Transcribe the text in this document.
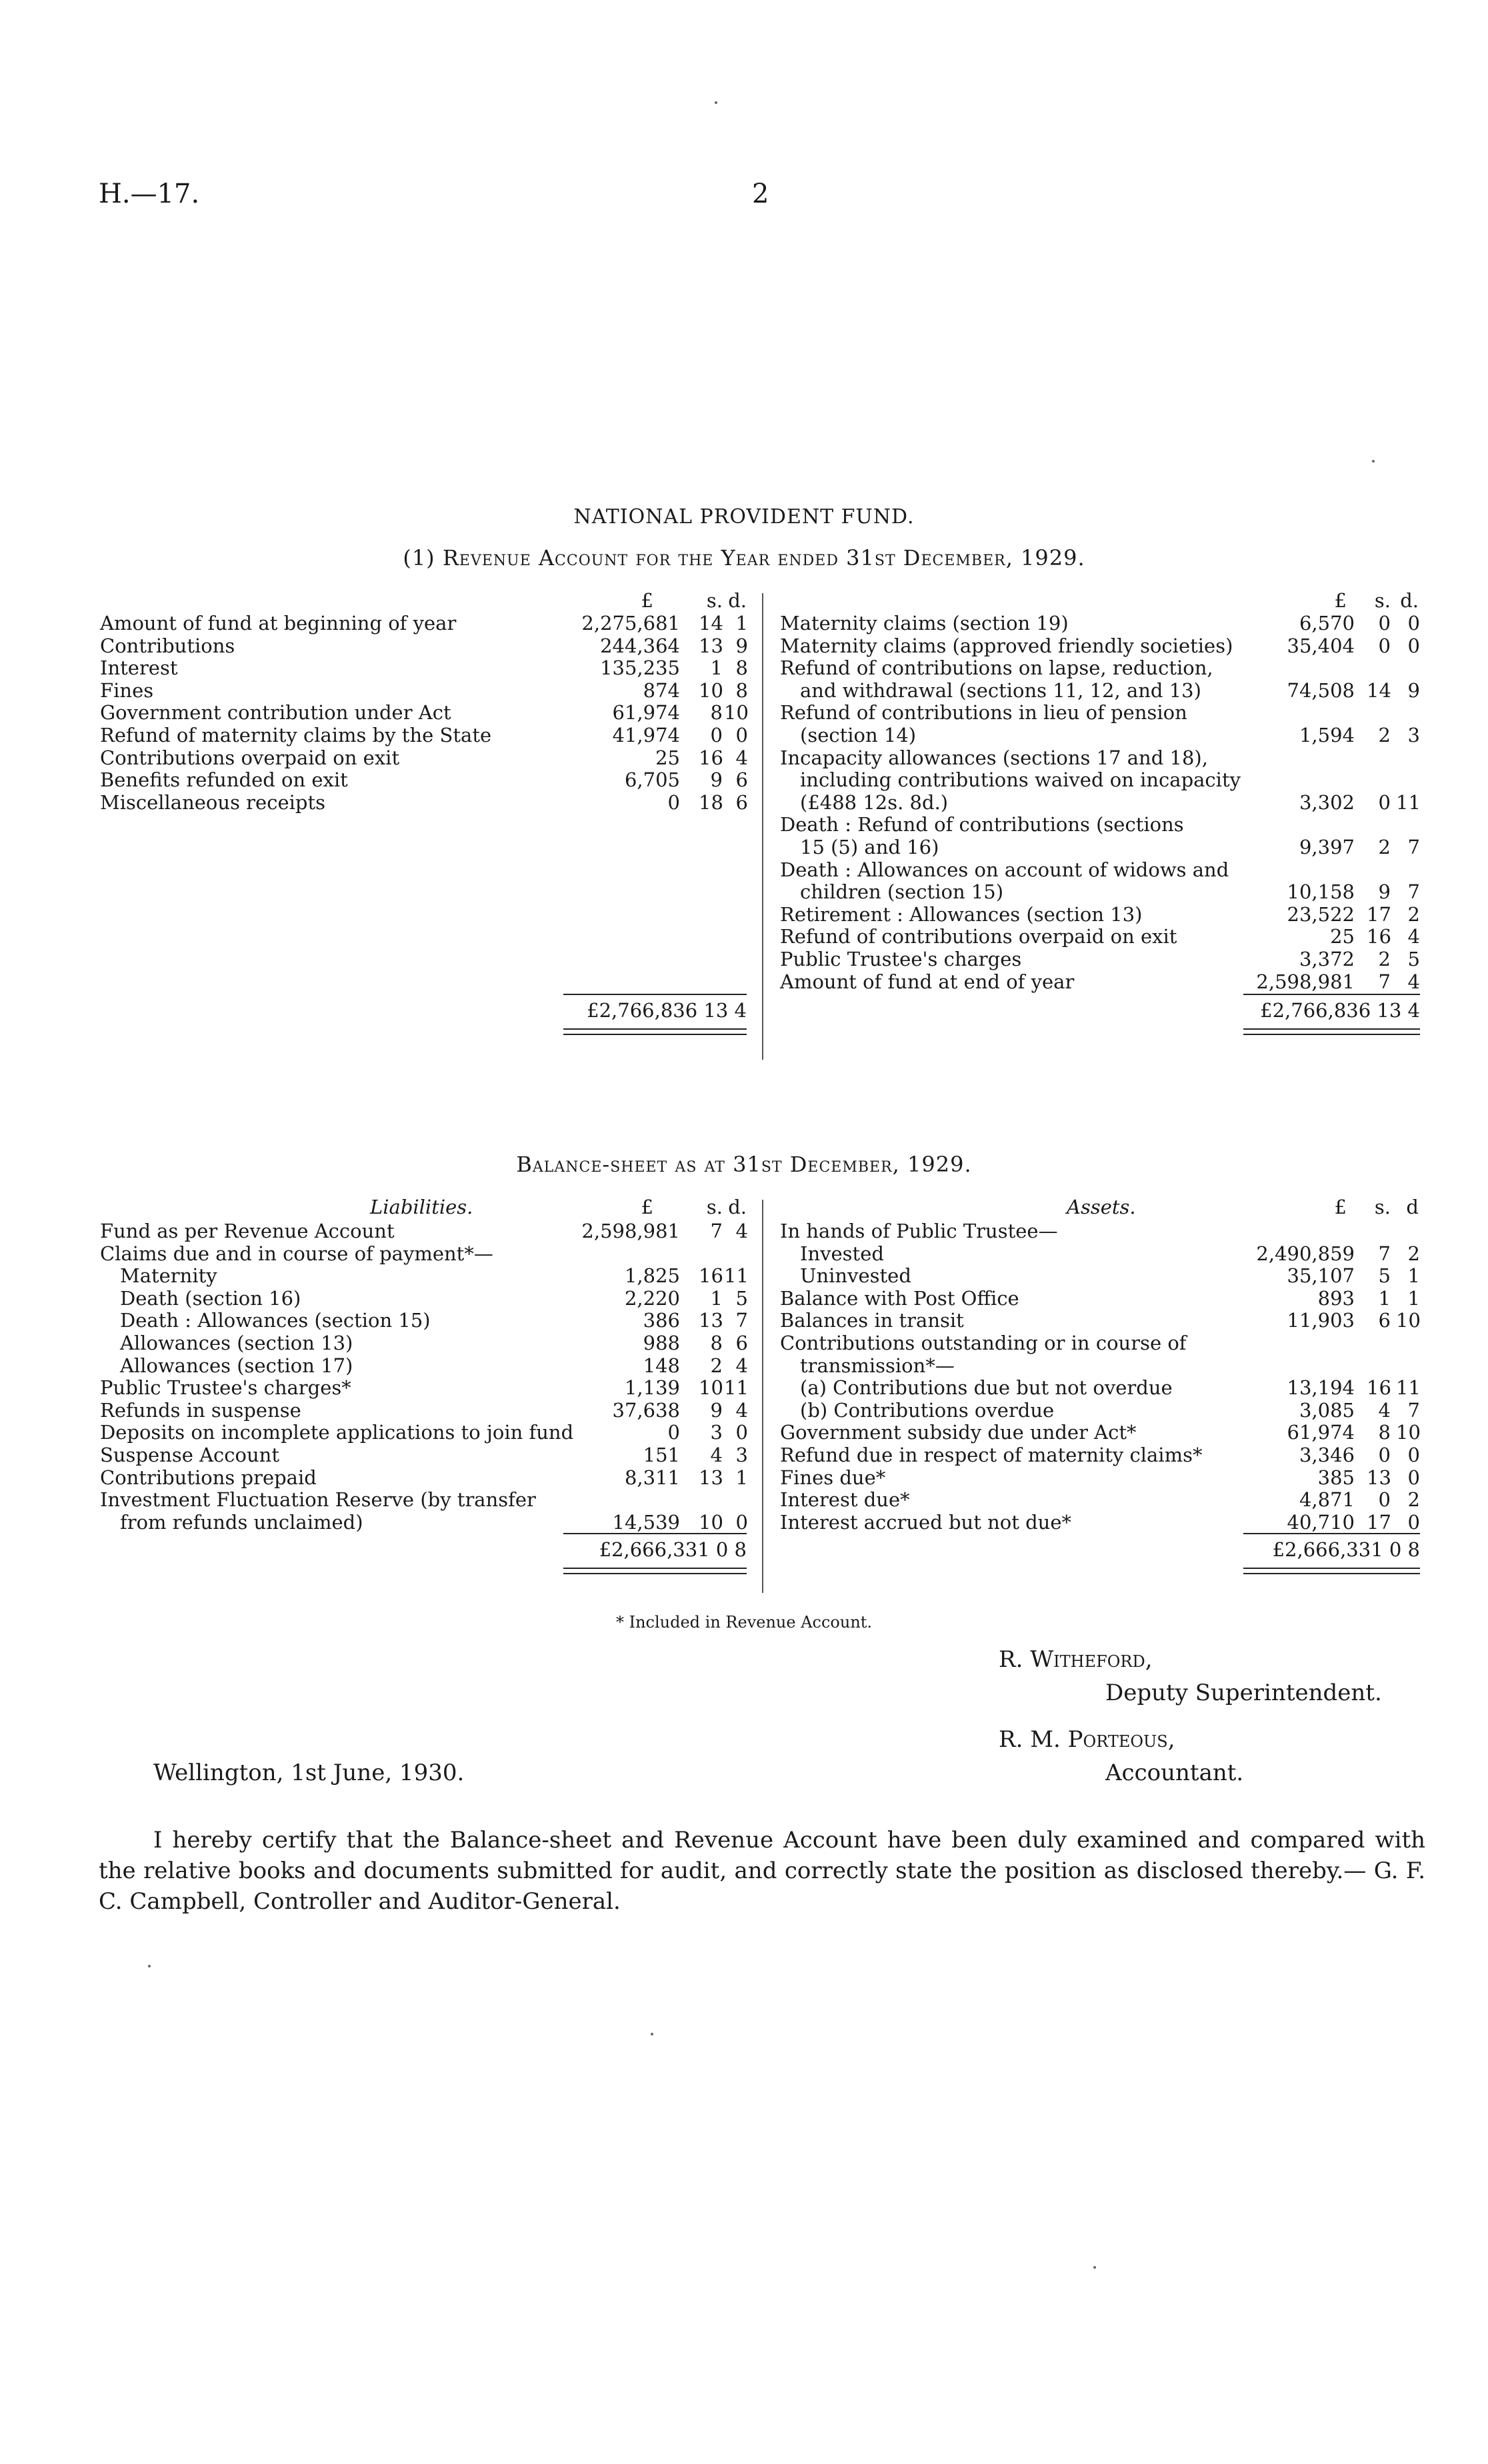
H.—17.	2
NATIONAL PROVIDENT FUND.
(1) Revenue Account for the Year ended 31st December, 1929.
£	s. d.	£	s. d.
Amount of fund at beginning of year	2,275,681 14 1
Contributions	244,364 13 9
Interest	135,235	1 8
Fines	874 10 8
Government contribution under Act	61,974	8 10
Refund of maternity claims by the State	41,974	0 0
Contributions overpaid on exit	25 16 4
Benefits refunded on exit	6,705	9 6
Miscellaneous receipts	0 18 6
£2,766,836 13 4
Maternity claims (section 19)	6,570	0 0
Maternity claims (approved friendly societies)	35,404	0 0
Refund of contributions on lapse, reduction,
and withdrawal (sections 11, 12, and 13)	74,508 14 9
Refund of contributions in lieu of pension
(section 14)	1,594	2 3
Incapacity allowances (sections 17 and 18),
including contributions waived on incapacity
(£488 12s. 8d.)	3,302	0 11
Death : Refund of contributions (sections
15 (5) and 16)	9,397	2 7
Death : Allowances on account of widows and
children (section 15)	10,158	9 7
Retirement : Allowances (section 13)	23,522 17 2
Refund of contributions overpaid on exit	25 16 4
Public Trustee's charges	3,372	2 5
Amount of fund at end of year	2,598,981	7 4
£2,766,836 13 4
Balance-sheet as at 31st December, 1929.
Liabilities.	Assets.
£	s. d.	£	s. d
Fund as per Revenue Account	2,598,981	7 4
Claims due and in course of payment*—
Maternity	1,825 16 11
Death (section 16)	2,220	1 5
Death : Allowances (section 15)	386 13 7
Allowances (section 13)	988	8 6
Allowances (section 17)	148	2 4
Public Trustee's charges*	1,139 10 11
Refunds in suspense	37,638	9 4
Deposits on incomplete applications to join fund	0	3 0
Suspense Account	151	4 3
Contributions prepaid	8,311 13 1
Investment Fluctuation Reserve (by transfer
from refunds unclaimed)	14,539 10 0
£2,666,331 0 8
In hands of Public Trustee—
Invested	2,490,859	7 2
Uninvested	35,107	5 1
Balance with Post Office	893	1 1
Balances in transit	11,903	6 10
Contributions outstanding or in course of
transmission*—
(a) Contributions due but not overdue	13,194 16 11
(b) Contributions overdue	3,085	4 7
Government subsidy due under Act*	61,974	8 10
Refund due in respect of maternity claims*	3,346	0 0
Fines due*	385 13 0
Interest due*	4,871	0 2
Interest accrued but not due*	40,710 17 0
£2,666,331 0 8
* Included in Revenue Account.
R. Witheford,
Deputy Superintendent.
R. M. Porteous,
Accountant.
Wellington, 1st June, 1930.
I hereby certify that the Balance-sheet and Revenue Account have been duly examined and compared with the relative books and documents submitted for audit, and correctly state the position as disclosed thereby.— G. F. C. Campbell, Controller and Auditor-General.
